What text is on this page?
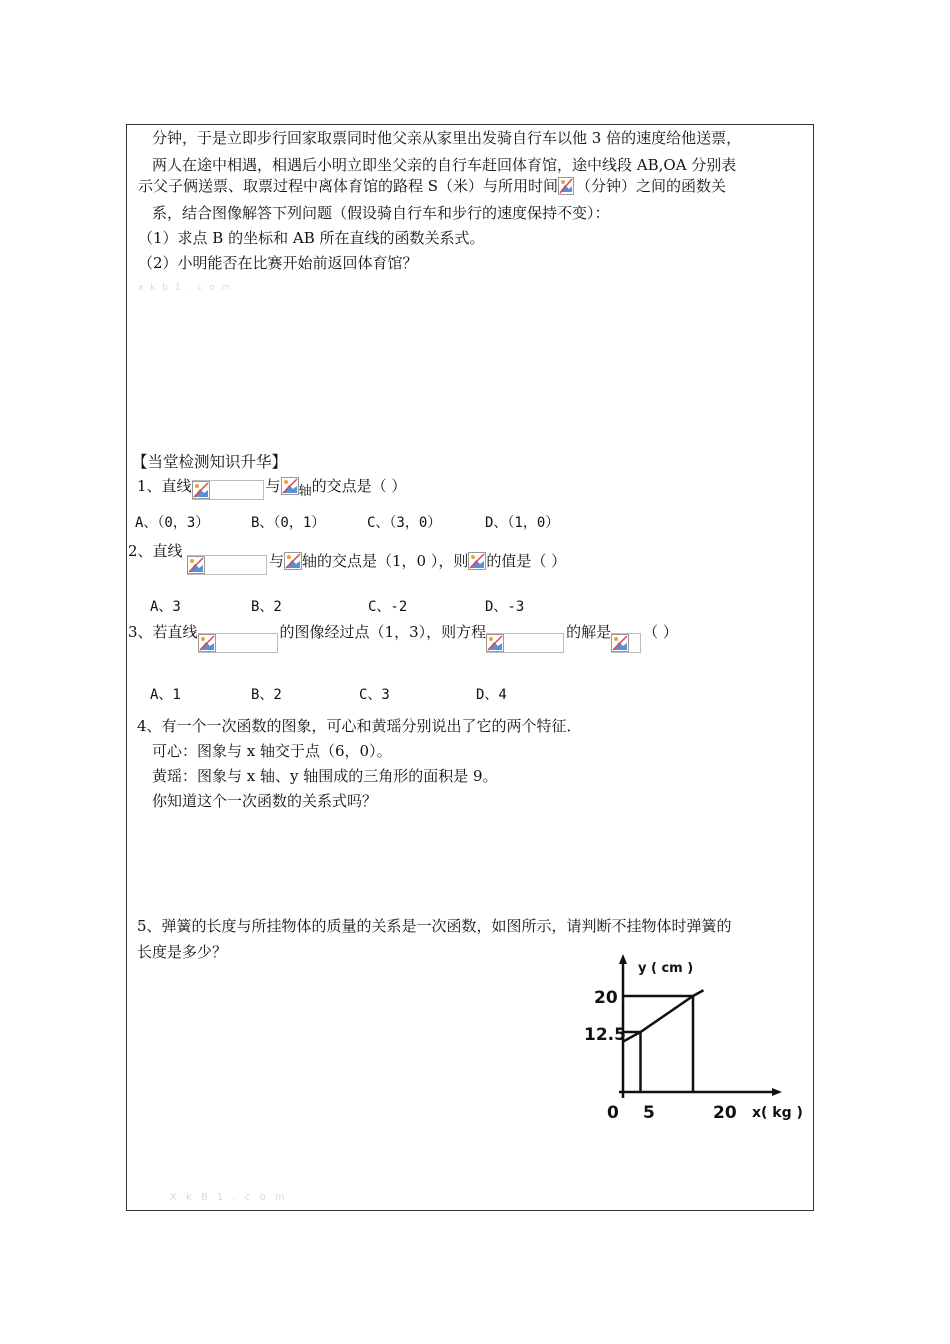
分钟，于是立即步行回家取票同时他父亲从家里出发骑自行车以他 3 倍的速度给他送票，
两人在途中相遇，相遇后小明立即坐父亲的自行车赶回体育馆，途中线段 AB,OA 分别表
示父子俩送票、取票过程中离体育馆的路程 S（米）与所用时间 （分钟）之间的函数关
系，结合图像解答下列问题（假设骑自行车和步行的速度保持不变）：
（1）求点 B 的坐标和 AB 所在直线的函数关系式。
（2）小明能否在比赛开始前返回体育馆？
x k b 1 . c o m
【当堂检测知识升华】
1、直线	与 轴的交点是（ ）
A、（0，3）	B、（0，1）	C、（3，0）	D、（1，0）
2、直线
与 轴的交点是（1，0 ），则 的值是（ ）
A、3	B、2	C、-2	D、-3
3、若直线	的图像经过点（1，3），则方程	的解是 （ ）
A、1	B、2	C、3	D、4
4、有一个一次函数的图象，可心和黄瑶分别说出了它的两个特征．
可心：图象与 x 轴交于点（6，0）。
黄瑶：图象与 x 轴、y 轴围成的三角形的面积是 9。
你知道这个一次函数的关系式吗？
5、弹簧的长度与所挂物体的质量的关系是一次函数，如图所示，请判断不挂物体时弹簧的
长度是多少？
y ( cm )
x( kg )
0
20
12.5
5	20
X k B 1 . c o m
